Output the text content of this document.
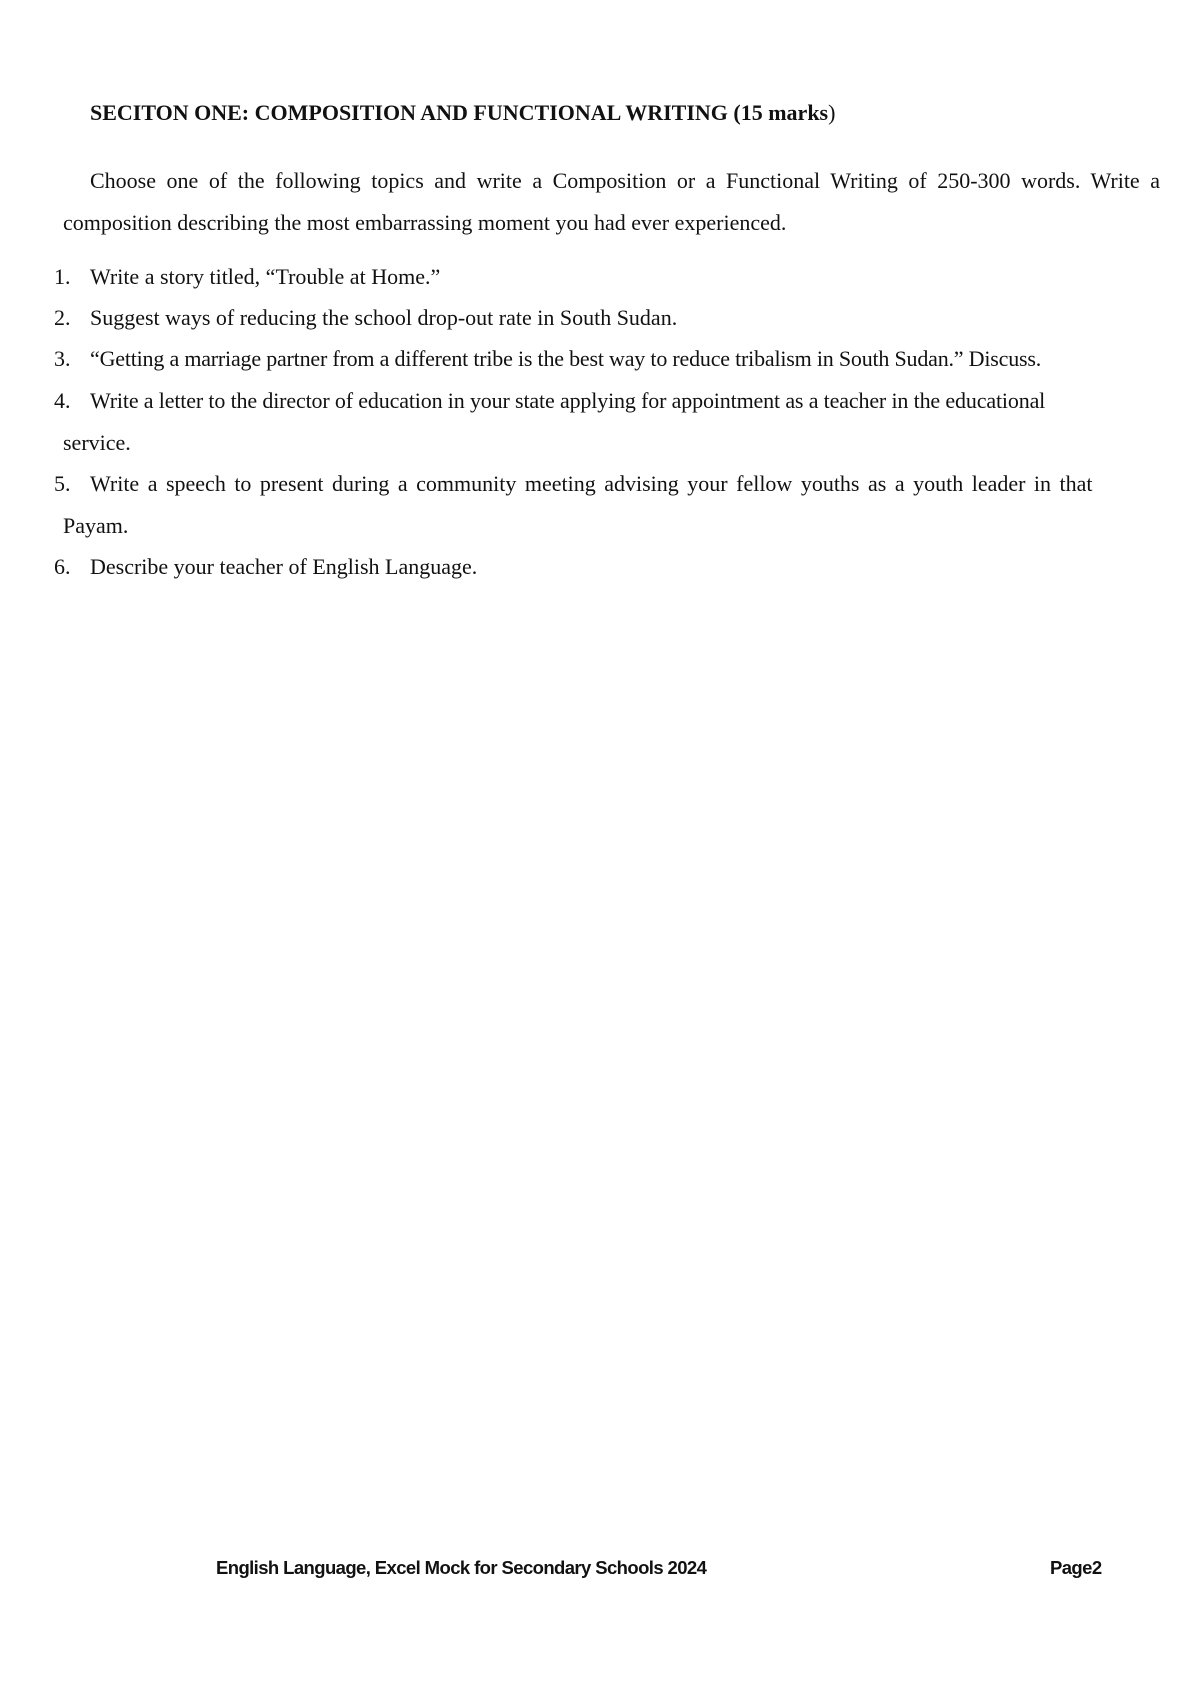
SECITON ONE: COMPOSITION AND FUNCTIONAL WRITING (15 marks)
Choose one of the following topics and write a Composition or a Functional Writing of 250-300 words. Write a composition describing the most embarrassing moment you had ever experienced.
1. Write a story titled, “Trouble at Home.”
2. Suggest ways of reducing the school drop-out rate in South Sudan.
3. “Getting a marriage partner from a different tribe is the best way to reduce tribalism in South Sudan.” Discuss.
4. Write a letter to the director of education in your state applying for appointment as a teacher in the educational
service.
5. Write a speech to present during a community meeting advising your fellow youths as a youth leader in that
Payam.
6. Describe your teacher of English Language.
English Language, Excel Mock for Secondary Schools 2024	Page2
